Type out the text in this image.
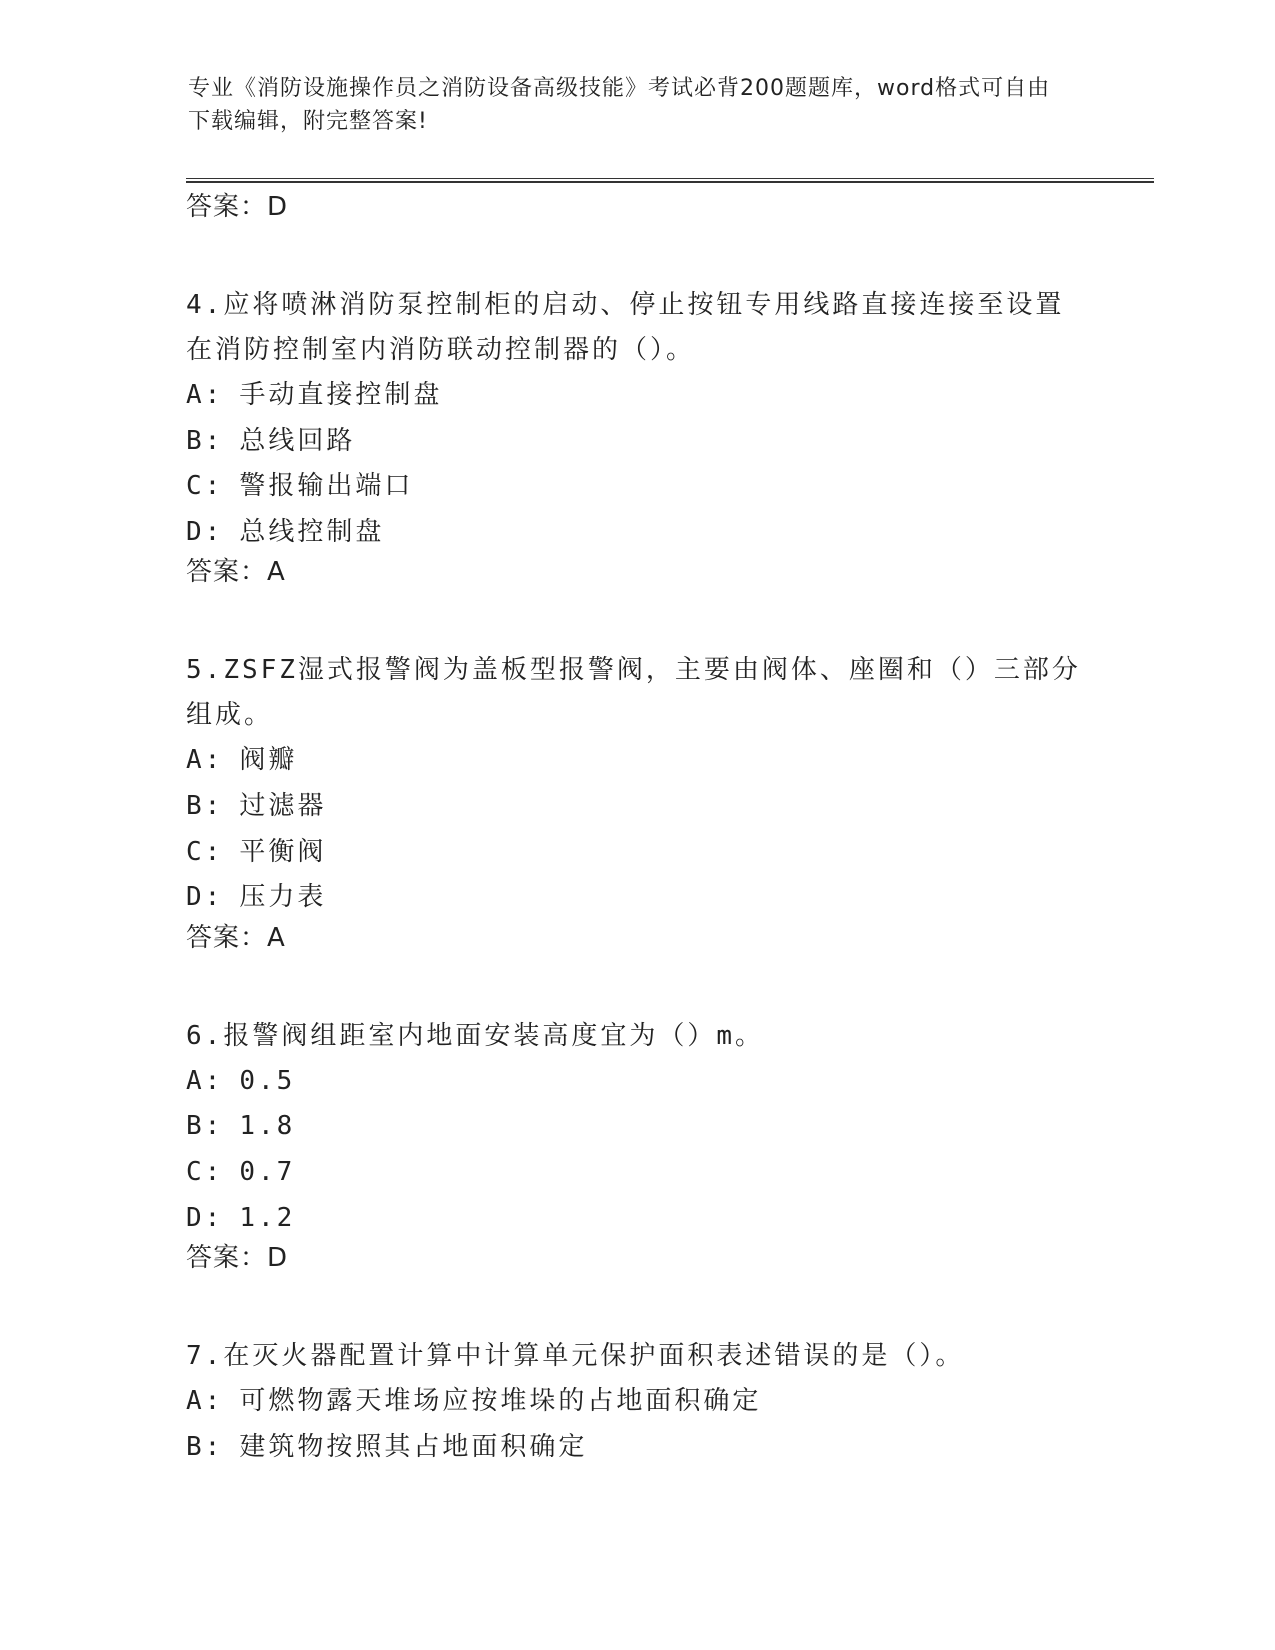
专业《消防设施操作员之消防设备高级技能》考试必背200题题库，word格式可自由下载编辑，附完整答案!
答案：D
4.应将喷淋消防泵控制柜的启动、停止按钮专用线路直接连接至设置在消防控制室内消防联动控制器的（）。
A : 手动直接控制盘
B : 总线回路
C : 警报输出端口
D : 总线控制盘
答案：A
5.ZSFZ湿式报警阀为盖板型报警阀，主要由阀体、座圈和（）三部分组成。
A : 阀瓣
B : 过滤器
C : 平衡阀
D : 压力表
答案：A
6.报警阀组距室内地面安装高度宜为（）m。
A : 0.5
B : 1.8
C : 0.7
D : 1.2
答案：D
7.在灭火器配置计算中计算单元保护面积表述错误的是（）。
A : 可燃物露天堆场应按堆垛的占地面积确定
B : 建筑物按照其占地面积确定
